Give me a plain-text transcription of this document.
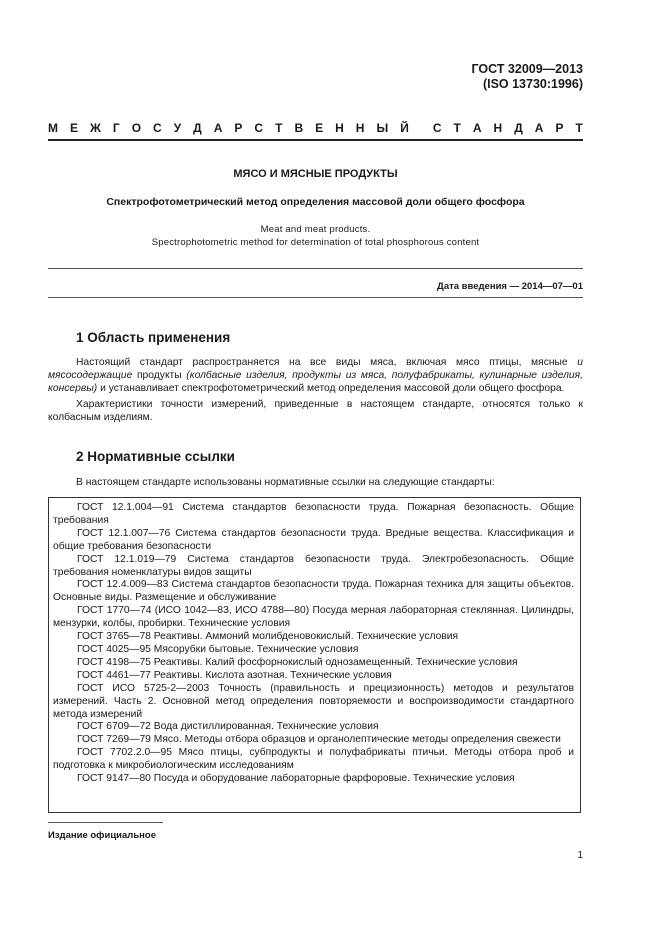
ГОСТ 32009—2013
(ISO 13730:1996)
М Е Ж Г О С У Д А Р С Т В Е Н Н Ы Й С Т А Н Д А Р Т
МЯСО И МЯСНЫЕ ПРОДУКТЫ
Спектрофотометрический метод определения массовой доли общего фосфора
Meat and meat products.
Spectrophotometric method for determination of total phosphorous content
Дата введения — 2014—07—01
1 Область применения

Настоящий стандарт распространяется на все виды мяса, включая мясо птицы, мясные и мясосодержащие продукты (колбасные изделия, продукты из мяса, полуфабрикаты, кулинарные изделия, консервы) и устанавливает спектрофотометрический метод определения массовой доли общего фосфора.

Характеристики точности измерений, приведенные в настоящем стандарте, относятся только к колбасным изделиям.

2 Нормативные ссылки

В настоящем стандарте использованы нормативные ссылки на следующие стандарты:

ГОСТ 12.1.004—91 Система стандартов безопасности труда. Пожарная безопасность. Общие требования

ГОСТ 12.1.007—76 Система стандартов безопасности труда. Вредные вещества. Классификация и общие требования безопасности

ГОСТ 12.1.019—79 Система стандартов безопасности труда. Электробезопасность. Общие требования номенклатуры видов защиты

ГОСТ 12.4.009—83 Система стандартов безопасности труда. Пожарная техника для защиты объектов. Основные виды. Размещение и обслуживание

ГОСТ 1770—74 (ИСО 1042—83, ИСО 4788—80) Посуда мерная лабораторная стеклянная. Цилиндры, мензурки, колбы, пробирки. Технические условия

ГОСТ 3765—78 Реактивы. Аммоний молибденовокислый. Технические условия

ГОСТ 4025—95 Мясорубки бытовые. Технические условия

ГОСТ 4198—75 Реактивы. Калий фосфорнокислый однозамещенный. Технические условия

ГОСТ 4461—77 Реактивы. Кислота азотная. Технические условия

ГОСТ ИСО 5725-2—2003 Точность (правильность и прецизионность) методов и результатов измерений. Часть 2. Основной метод определения повторяемости и воспроизводимости стандартного метода измерений

ГОСТ 6709—72 Вода дистиллированная. Технические условия

ГОСТ 7269—79 Мясо. Методы отбора образцов и органолептические методы определения свежести

ГОСТ 7702.2.0—95 Мясо птицы, субпродукты и полуфабрикаты птичьи. Методы отбора проб и подготовка к микробиологическим исследованиям

ГОСТ 9147—80 Посуда и оборудование лабораторные фарфоровые. Технические условия

Издание официальное
1
